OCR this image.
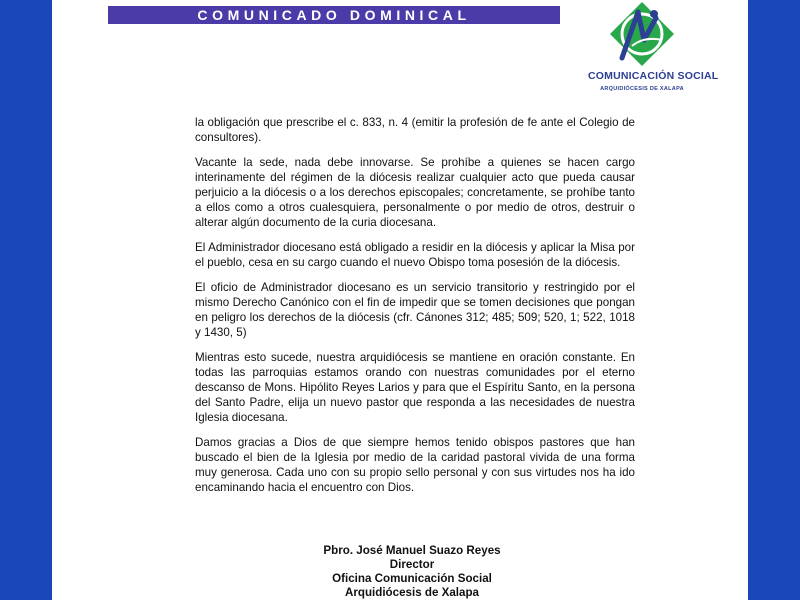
COMUNICADO DOMINICAL
COMUNICACIÓN SOCIAL
ARQUIDIÓCESIS DE XALAPA

la obligación que prescribe el c. 833, n. 4 (emitir la profesión de fe ante el Colegio de consultores).

Vacante la sede, nada debe innovarse. Se prohíbe a quienes se hacen cargo interinamente del régimen de la diócesis realizar cualquier acto que pueda causar perjuicio a la diócesis o a los derechos episcopales; concretamente, se prohíbe tanto a ellos como a otros cualesquiera, personalmente o por medio de otros, destruir o alterar algún documento de la curia diocesana.

El Administrador diocesano está obligado a residir en la diócesis y aplicar la Misa por el pueblo, cesa en su cargo cuando el nuevo Obispo toma posesión de la diócesis.

El oficio de Administrador diocesano es un servicio transitorio y restringido por el mismo Derecho Canónico con el fin de impedir que se tomen decisiones que pongan en peligro los derechos de la diócesis (cfr. Cánones 312; 485; 509; 520, 1; 522, 1018 y 1430, 5)

Mientras esto sucede, nuestra arquidiócesis se mantiene en oración constante. En todas las parroquias estamos orando con nuestras comunidades por el eterno descanso de Mons. Hipólito Reyes Larios y para que el Espíritu Santo, en la persona del Santo Padre, elija un nuevo pastor que responda a las necesidades de nuestra Iglesia diocesana.

Damos gracias a Dios de que siempre hemos tenido obispos pastores que han buscado el bien de la Iglesia por medio de la caridad pastoral vivida de una forma muy generosa. Cada uno con su propio sello personal y con sus virtudes nos ha ido encaminando hacia el encuentro con Dios.

Pbro. José Manuel Suazo Reyes
Director
Oficina Comunicación Social
Arquidiócesis de Xalapa
